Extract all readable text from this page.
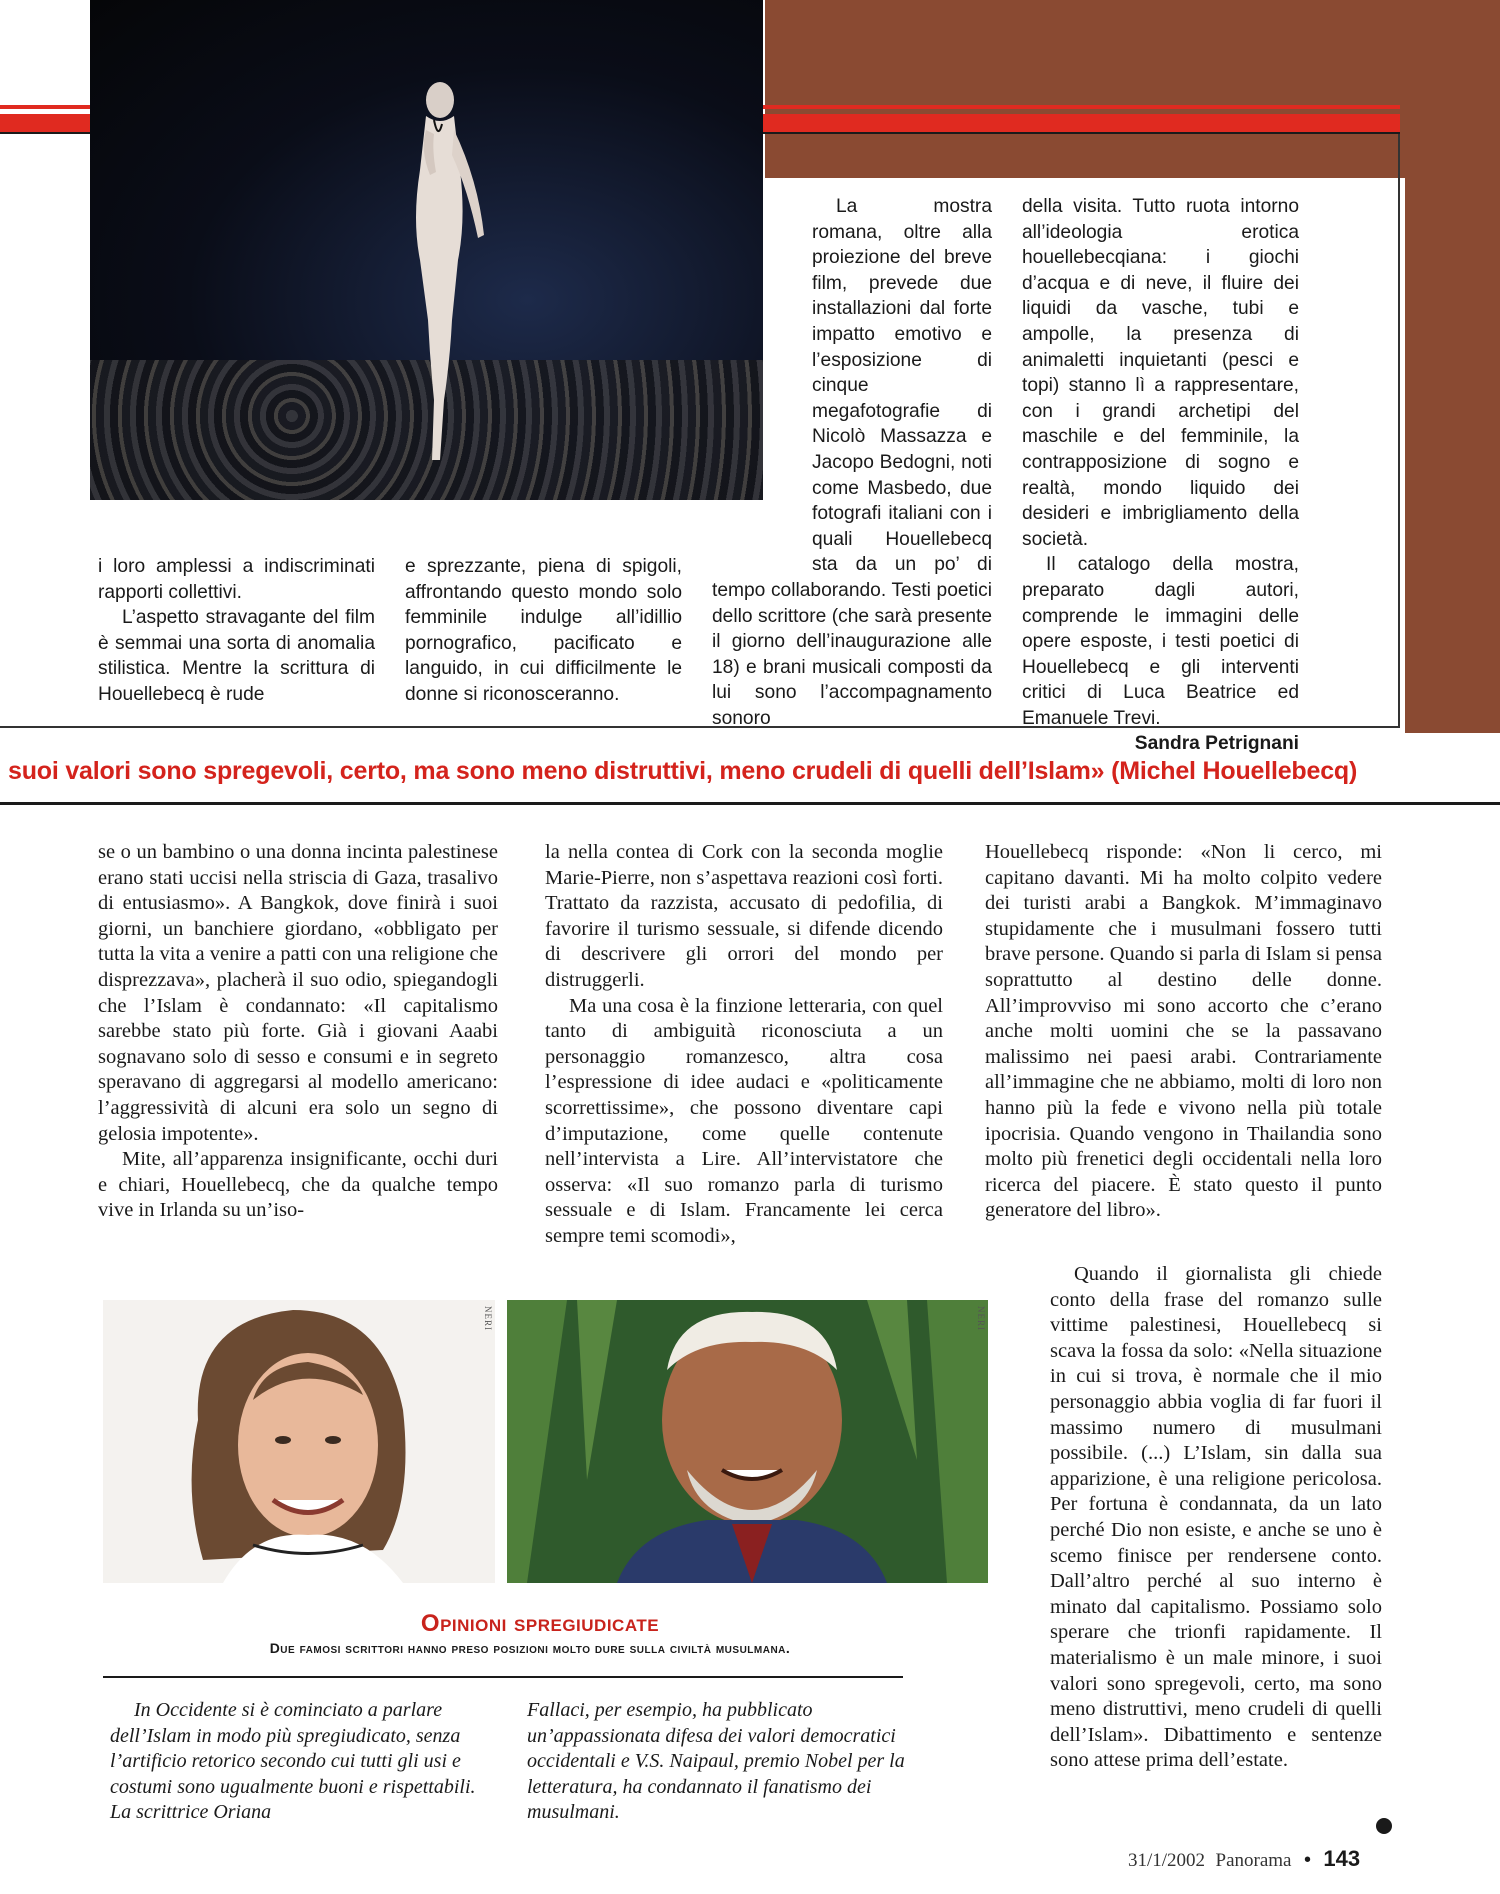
i loro amplessi a indiscriminati rapporti collettivi.

L’aspetto stravagante del film è semmai una sorta di anomalia stilistica. Mentre la scrittura di Houellebecq è rude

e sprezzante, piena di spigoli, affrontando questo mondo solo femminile indulge all’idillio pornografico, pacificato e languido, in cui difficilmente le donne si riconosceranno.

La mostra romana, oltre alla proiezione del breve film, prevede due installazioni dal forte impatto emotivo e l’esposizione di cinque megafotografie di Nicolò Massazza e Jacopo Bedogni, noti come Masbedo, due fotografi italiani con i quali Houellebecq sta da un po’ di tempo collaborando. Testi poetici dello scrittore (che sarà presente il giorno dell’inaugurazione alle 18) e brani musicali composti da lui sono l’accompagnamento sonoro

della visita. Tutto ruota intorno all’ideologia erotica houellebecqiana: i giochi d’acqua e di neve, il fluire dei liquidi da vasche, tubi e ampolle, la presenza di animaletti inquietanti (pesci e topi) stanno lì a rappresentare, con i grandi archetipi del maschile e del femminile, la contrapposizione di sogno e realtà, mondo liquido dei desideri e imbrigliamento della società.

Il catalogo della mostra, preparato dagli autori, comprende le immagini delle opere esposte, i testi poetici di Houellebecq e gli interventi critici di Luca Beatrice ed Emanuele Trevi.

Sandra Petrignani

suoi valori sono spregevoli, certo, ma sono meno distruttivi, meno crudeli di quelli dell’Islam» (Michel Houellebecq)

se o un bambino o una donna incinta palestinese erano stati uccisi nella striscia di Gaza, trasalivo di entusiasmo». A Bangkok, dove finirà i suoi giorni, un banchiere giordano, «obbligato per tutta la vita a venire a patti con una religione che disprezzava», placherà il suo odio, spiegandogli che l’Islam è condannato: «Il capitalismo sarebbe stato più forte. Già i giovani Aaabi sognavano solo di sesso e consumi e in segreto speravano di aggregarsi al modello americano: l’aggressività di alcuni era solo un segno di gelosia impotente».

Mite, all’apparenza insignificante, occhi duri e chiari, Houellebecq, che da qualche tempo vive in Irlanda su un’iso-

la nella contea di Cork con la seconda moglie Marie-Pierre, non s’aspettava reazioni così forti. Trattato da razzista, accusato di pedofilia, di favorire il turismo sessuale, si difende dicendo di descrivere gli orrori del mondo per distruggerli.

Ma una cosa è la finzione letteraria, con quel tanto di ambiguità riconosciuta a un personaggio romanzesco, altra cosa l’espressione di idee audaci e «politicamente scorrettissime», che possono diventare capi d’imputazione, come quelle contenute nell’intervista a Lire. All’intervistatore che osserva: «Il suo romanzo parla di turismo sessuale e di Islam. Francamente lei cerca sempre temi scomodi»,

Houellebecq risponde: «Non li cerco, mi capitano davanti. Mi ha molto colpito vedere dei turisti arabi a Bangkok. M’immaginavo stupidamente che i musulmani fossero tutti brave persone. Quando si parla di Islam si pensa soprattutto al destino delle donne. All’improvviso mi sono accorto che c’erano anche molti uomini che se la passavano malissimo nei paesi arabi. Contrariamente all’immagine che ne abbiamo, molti di loro non hanno più la fede e vivono nella più totale ipocrisia. Quando vengono in Thailandia sono molto più frenetici degli occidentali nella loro ricerca del piacere. È stato questo il punto generatore del libro».

Quando il giornalista gli chiede conto della frase del romanzo sulle vittime palestinesi, Houellebecq si scava la fossa da solo: «Nella situazione in cui si trova, è normale che il mio personaggio abbia voglia di far fuori il massimo numero di musulmani possibile. (...) L’Islam, sin dalla sua apparizione, è una religione pericolosa. Per fortuna è condannata, da un lato perché Dio non esiste, e anche se uno è scemo finisce per rendersene conto. Dall’altro perché al suo interno è minato dal capitalismo. Possiamo solo sperare che trionfi rapidamente. Il materialismo è un male minore, i suoi valori sono spregevoli, certo, ma sono meno distruttivi, meno crudeli di quelli dell’Islam». Dibattimento e sentenze sono attese prima dell’estate.

NERI	NERI
Opinioni spregiudicate
Due famosi scrittori hanno preso posizioni molto dure sulla civiltà musulmana.

In Occidente si è cominciato a parlare dell’Islam in modo più spregiudicato, senza l’artificio retorico secondo cui tutti gli usi e costumi sono ugualmente buoni e rispettabili. La scrittrice Oriana

Fallaci, per esempio, ha pubblicato un’appassionata difesa dei valori democratici occidentali e V.S. Naipaul, premio Nobel per la letteratura, ha condannato il fanatismo dei musulmani.

31/1/2002 Panorama • 143
